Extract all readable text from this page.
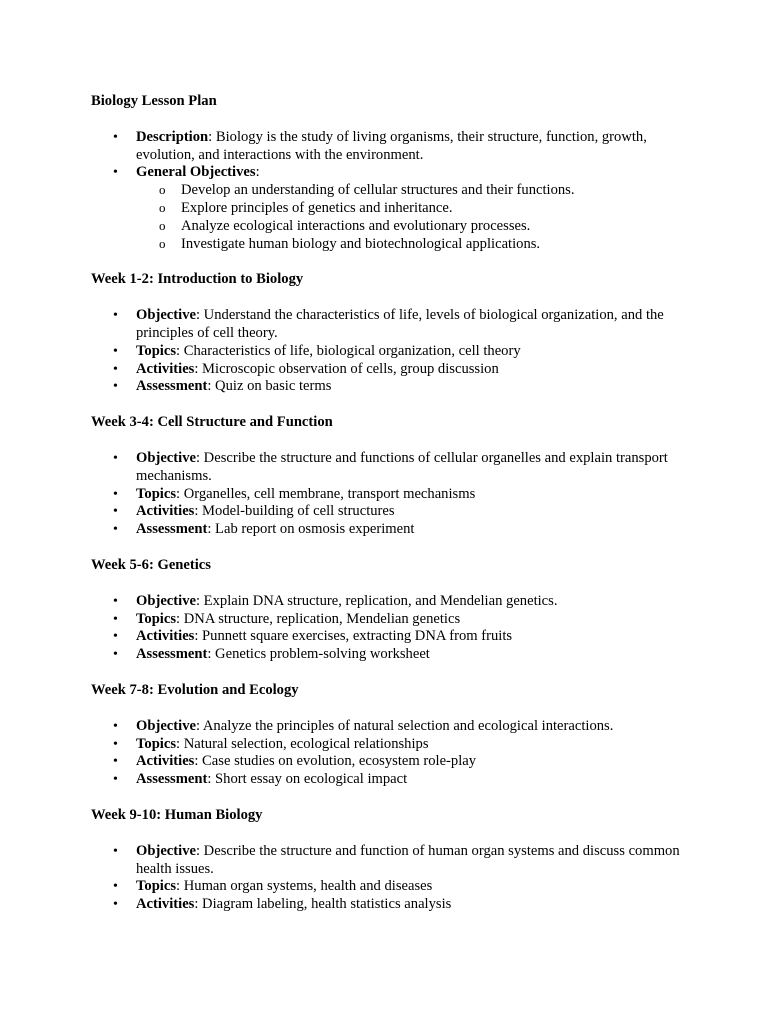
Biology Lesson Plan

• Description: Biology is the study of living organisms, their structure, function, growth, evolution, and interactions with the environment.
• General Objectives:
o Develop an understanding of cellular structures and their functions.
o Explore principles of genetics and inheritance.
o Analyze ecological interactions and evolutionary processes.
o Investigate human biology and biotechnological applications.

Week 1-2: Introduction to Biology

• Objective: Understand the characteristics of life, levels of biological organization, and the principles of cell theory.
• Topics: Characteristics of life, biological organization, cell theory
• Activities: Microscopic observation of cells, group discussion
• Assessment: Quiz on basic terms

Week 3-4: Cell Structure and Function

• Objective: Describe the structure and functions of cellular organelles and explain transport mechanisms.
• Topics: Organelles, cell membrane, transport mechanisms
• Activities: Model-building of cell structures
• Assessment: Lab report on osmosis experiment

Week 5-6: Genetics

• Objective: Explain DNA structure, replication, and Mendelian genetics.
• Topics: DNA structure, replication, Mendelian genetics
• Activities: Punnett square exercises, extracting DNA from fruits
• Assessment: Genetics problem-solving worksheet

Week 7-8: Evolution and Ecology

• Objective: Analyze the principles of natural selection and ecological interactions.
• Topics: Natural selection, ecological relationships
• Activities: Case studies on evolution, ecosystem role-play
• Assessment: Short essay on ecological impact

Week 9-10: Human Biology

• Objective: Describe the structure and function of human organ systems and discuss common health issues.
• Topics: Human organ systems, health and diseases
• Activities: Diagram labeling, health statistics analysis
